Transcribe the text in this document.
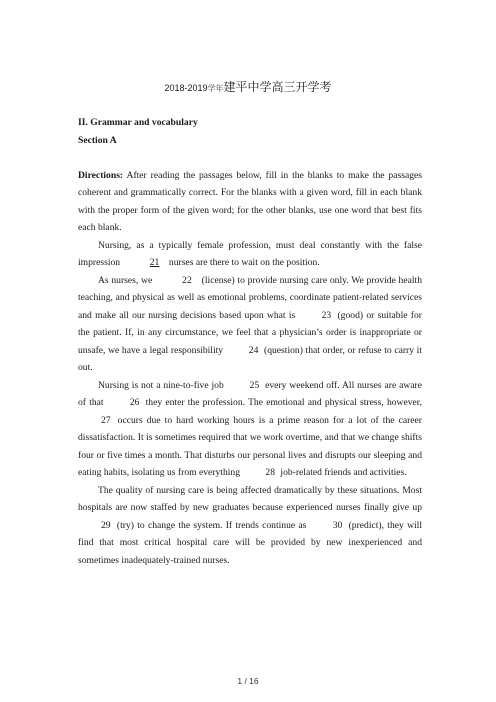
2018-2019学年建平中学高三开学考

II. Grammar and vocabulary

Section A

Directions: After reading the passages below, fill in the blanks to make the passages coherent and grammatically correct. For the blanks with a given word, fill in each blank with the proper form of the given word; for the other blanks, use one word that best fits each blank.

Nursing, as a typically female profession, must deal constantly with the false impression	21 nurses are there to wait on the position.

As nurses, we	22 (license) to provide nursing care only. We provide health teaching, and physical as well as emotional problems, coordinate patient-related services and make all our nursing decisions based upon what is 23 (good) or suitable for the patient. If, in any circumstance, we feel that a physician’s order is inappropriate or unsafe, we have a legal responsibility 24 (question) that order, or refuse to carry it out.

Nursing is not a nine-to-five job 25 every weekend off. All nurses are aware of that 26 they enter the profession. The emotional and physical stress, however, 27 occurs due to hard working hours is a prime reason for a lot of the career dissatisfaction. It is sometimes required that we work overtime, and that we change shifts four or five times a month. That disturbs our personal lives and disrupts our sleeping and eating habits, isolating us from everything 28 job-related friends and activities.

The quality of nursing care is being affected dramatically by these situations. Most hospitals are now staffed by new graduates because experienced nurses finally give up 29 (try) to change the system. If trends continue as 30 (predict), they will find that most critical hospital care will be provided by new inexperienced and sometimes inadequately-trained nurses.

1 / 16
